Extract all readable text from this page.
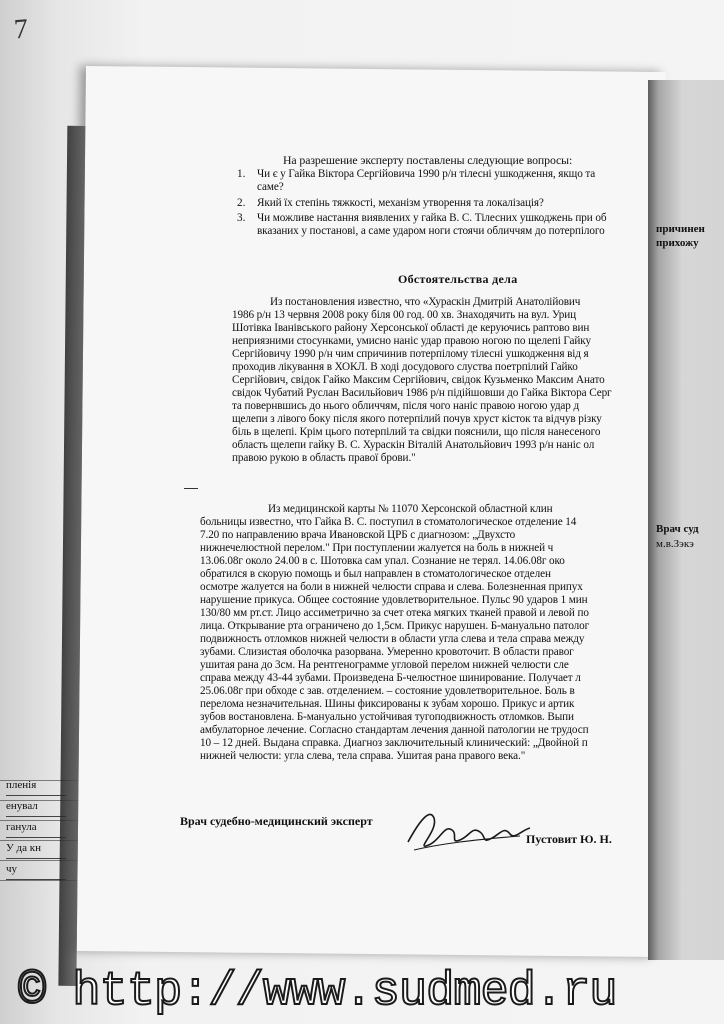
7
пленія
енувал
ганула
У да кн
чу
На разрешение эксперту поставлены следующие вопросы:
1. Чи є у Гайка Віктора Сергійовича 1990 р/н тілесні ушкодження, якщо та
саме?
2. Який їх степінь тяжкості, механізм утворення та локалізація?
3. Чи можливе настання виявлених у гайка В. С. Тілесних ушкоджень при об
вказаних у постанові, а саме ударом ноги стоячи обличчям до потерпілого
Обстоятельства дела
Из постановления известно, что «Хураскін Дмитрій Анатолійович
1986 р/н 13 червня 2008 року біля 00 год. 00 хв. Знаходячить на вул. Уриц
Шотівка Іванівського району Херсонської області де керуючись раптово вин
неприязними стосунками, умисно наніс удар правою ногою по щелепі Гайку
Сергійовичу 1990 р/н чим спричинив потерпілому тілесні ушкодження від я
проходив лікування в ХОКЛ. В ході досудового слуства поетрпілий Гайко
Сергійович, свідок Гайко Максим Сергійович, свідок Кузьменко Максим Анато
свідок Чубатий Руслан Васильйович 1986 р/н підійшовши до Гайка Віктора Серг
та повернвшись до нього обличчям, після чого наніс правою ногою удар д
щелепи з лівого боку після якого потерпілий почув хруст кісток та відчув різку
біль в щелепі. Крім цього потерпілий та свідки пояснили, що після нанесеного
область щелепи гайку В. С. Хураскін Віталій Анатольйович 1993 р/н наніс ол
правою рукою в область правої брови."
Из медицинской карты № 11070 Херсонской областной клин
больницы известно, что Гайка В. С. поступил в стоматологическое отделение 14
7.20 по направлению врача Ивановской ЦРБ с диагнозом: „Двухсто
нижнечелюстной перелом." При поступлении жалуется на боль в нижней ч
13.06.08г около 24.00 в с. Шотовка сам упал. Сознание не терял. 14.06.08г око
обратился в скорую помощь и был направлен в стоматологическое отделен
осмотре жалуется на боли в нижней челюсти справа и слева. Болезненная припух
нарушение прикуса. Общее состояние удовлетворительное. Пульс 90 ударов 1 мин
130/80 мм рт.ст. Лицо ассиметрично за счет отека мягких тканей правой и левой по
лица. Открывание рта ограничено до 1,5см. Прикус нарушен. Б-мануально патолог
подвижность отломков нижней челюсти в области угла слева и тела справа между
зубами. Слизистая оболочка разорвана. Умеренно кровоточит. В области правог
ушитая рана до 3см. На рентгенограмме угловой перелом нижней челюсти сле
справа между 43-44 зубами. Произведена Б-челюстное шинирование. Получает л
25.06.08г при обходе с зав. отделением. – состояние удовлетворительное. Боль в
перелома незначительная. Шины фиксированы к зубам хорошо. Прикус и артик
зубов востановлена. Б-мануально устойчивая тугоподвижность отломков. Выпи
амбулаторное лечение. Согласно стандартам лечения данной патологии не трудосп
10 – 12 дней. Выдана справка. Диагноз заключительный клинический: „Двойной п
нижней челюсти: угла слева, тела справа. Ушитая рана правого века."
Врач судебно-медицинский эксперт
Пустовит Ю. Н.
причинен
прихожу
Врач суд
м.в.Зэкэ
© http://www.sudmed.ru
